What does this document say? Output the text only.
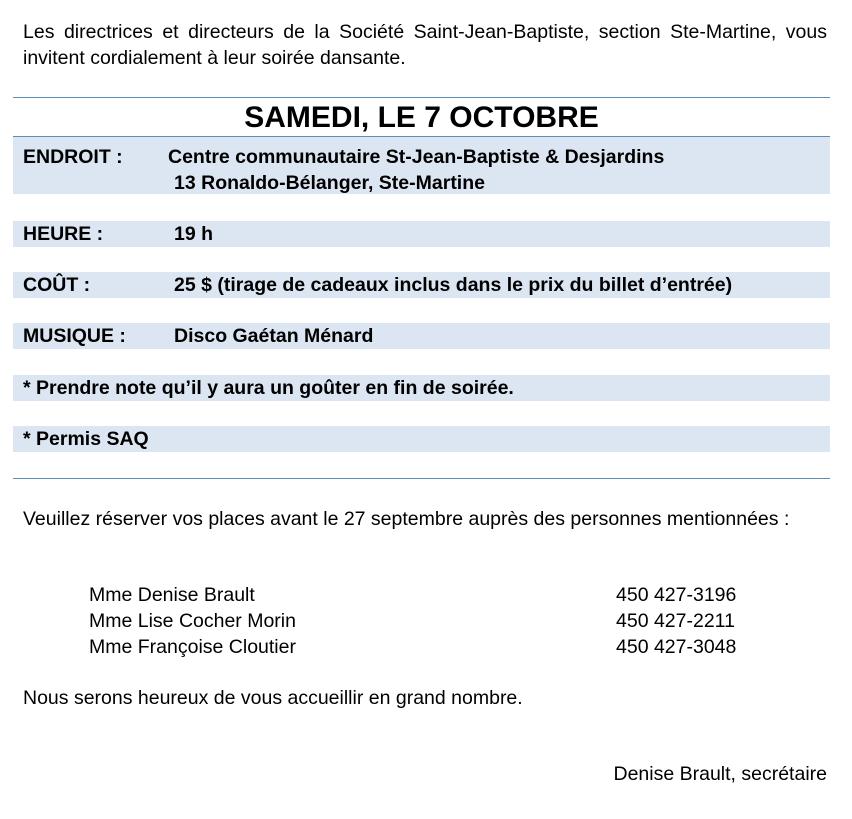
Les directrices et directeurs de la Société Saint-Jean-Baptiste, section Ste-Martine, vous invitent cordialement à leur soirée dansante.

SAMEDI, LE 7 OCTOBRE
ENDROIT : Centre communautaire St-Jean-Baptiste & Desjardins
13 Ronaldo-Bélanger, Ste-Martine
HEURE :	19 h
COÛT :	25 $ (tirage de cadeaux inclus dans le prix du billet d’entrée)
MUSIQUE : Disco Gaétan Ménard
* Prendre note qu’il y aura un goûter en fin de soirée.
* Permis SAQ

Veuillez réserver vos places avant le 27 septembre auprès des personnes mentionnées :

Mme Denise Brault	450 427-3196
Mme Lise Cocher Morin	450 427-2211
Mme Françoise Cloutier	450 427-3048

Nous serons heureux de vous accueillir en grand nombre.

Denise Brault, secrétaire
